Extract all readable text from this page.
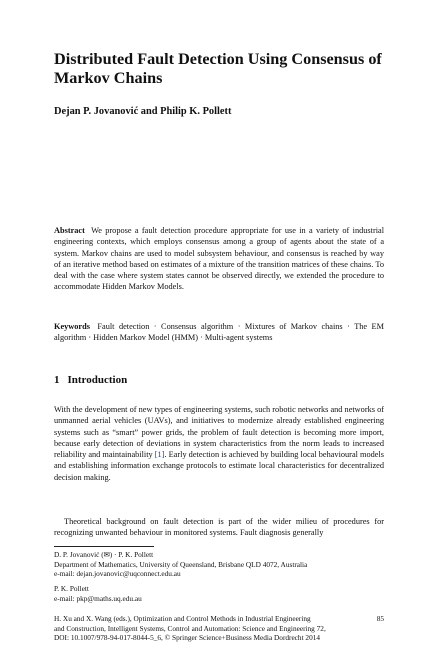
Distributed Fault Detection Using Consensus of Markov Chains
Dejan P. Jovanović and Philip K. Pollett
Abstract We propose a fault detection procedure appropriate for use in a variety of industrial engineering contexts, which employs consensus among a group of agents about the state of a system. Markov chains are used to model subsystem behaviour, and consensus is reached by way of an iterative method based on estimates of a mixture of the transition matrices of these chains. To deal with the case where system states cannot be observed directly, we extended the procedure to accommodate Hidden Markov Models.
Keywords Fault detection · Consensus algorithm · Mixtures of Markov chains · The EM algorithm · Hidden Markov Model (HMM) · Multi-agent systems
1 Introduction
With the development of new types of engineering systems, such robotic networks and networks of unmanned aerial vehicles (UAVs), and initiatives to modernize already established engineering systems such as “smart” power grids, the problem of fault detection is becoming more import, because early detection of deviations in system characteristics from the norm leads to increased reliability and maintainability [1]. Early detection is achieved by building local behavioural models and establishing information exchange protocols to estimate local characteristics for decentralized decision making.
Theoretical background on fault detection is part of the wider milieu of procedures for recognizing unwanted behaviour in monitored systems. Fault diagnosis generally
D. P. Jovanović (✉) · P. K. Pollett
Department of Mathematics, University of Queensland, Brisbane QLD 4072, Australia
e-mail: dejan.jovanovic@uqconnect.edu.au
P. K. Pollett
e-mail: pkp@maths.uq.edu.au
H. Xu and X. Wang (eds.), Optimization and Control Methods in Industrial Engineering
and Construction, Intelligent Systems, Control and Automation: Science and Engineering 72,
DOI: 10.1007/978-94-017-8044-5_6, © Springer Science+Business Media Dordrecht 2014
85
